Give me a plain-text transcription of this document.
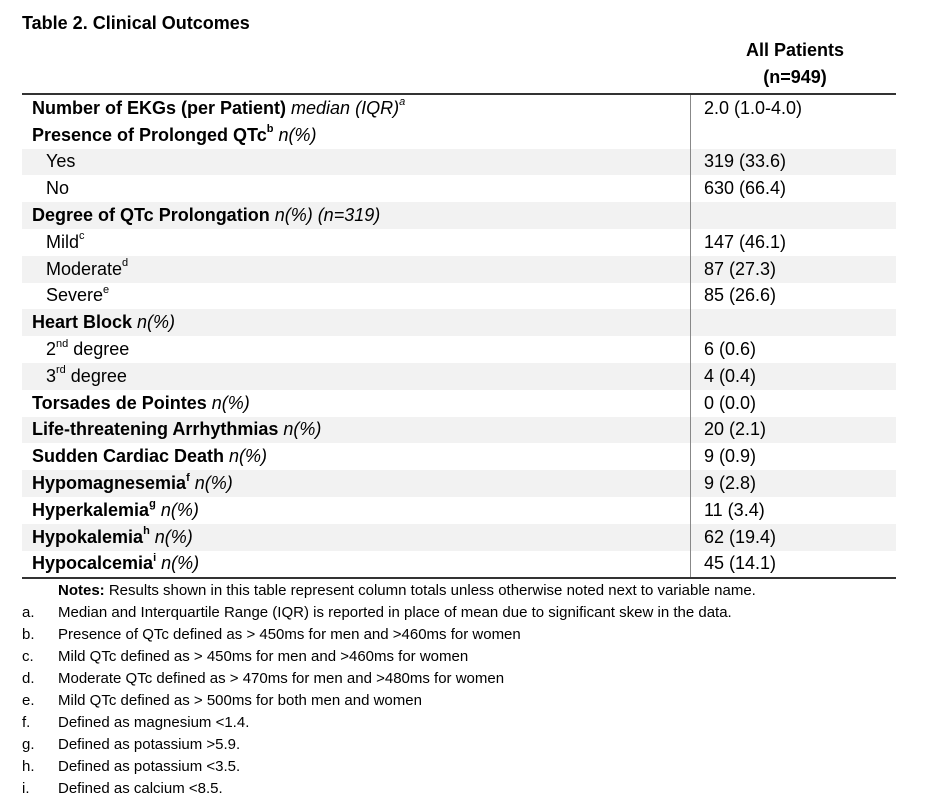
Table 2. Clinical Outcomes
All Patients
(n=949)
Number of EKGs (per Patient) median (IQR) a	2.0 (1.0-4.0)
Presence of Prolonged QTc b n(%)
Yes	319 (33.6)
No	630 (66.4)
Degree of QTc Prolongation n(%) (n=319)
Mild c	147 (46.1)
Moderate d	87 (27.3)
Severe e	85 (26.6)
Heart Block n(%)
2 nd degree	6 (0.6)
3 rd degree	4 (0.4)
Torsades de Pointes n(%)	0 (0.0)
Life-threatening Arrhythmias n(%)	20 (2.1)
Sudden Cardiac Death n(%)	9 (0.9)
Hypomagnesemia f n(%)	9 (2.8)
Hyperkalemia g n(%)	11 (3.4)
Hypokalemia h n(%)	62 (19.4)
Hypocalcemia i n(%)	45 (14.1)
Notes: Results shown in this table represent column totals unless otherwise noted next to variable name.
a.	Median and Interquartile Range (IQR) is reported in place of mean due to significant skew in the data.
b.	Presence of QTc defined as > 450ms for men and >460ms for women
c.	Mild QTc defined as > 450ms for men and >460ms for women
d.	Moderate QTc defined as > 470ms for men and >480ms for women
e.	Mild QTc defined as > 500ms for both men and women
f.	Defined as magnesium <1.4.
g.	Defined as potassium >5.9.
h.	Defined as potassium <3.5.
i.	Defined as calcium <8.5.
